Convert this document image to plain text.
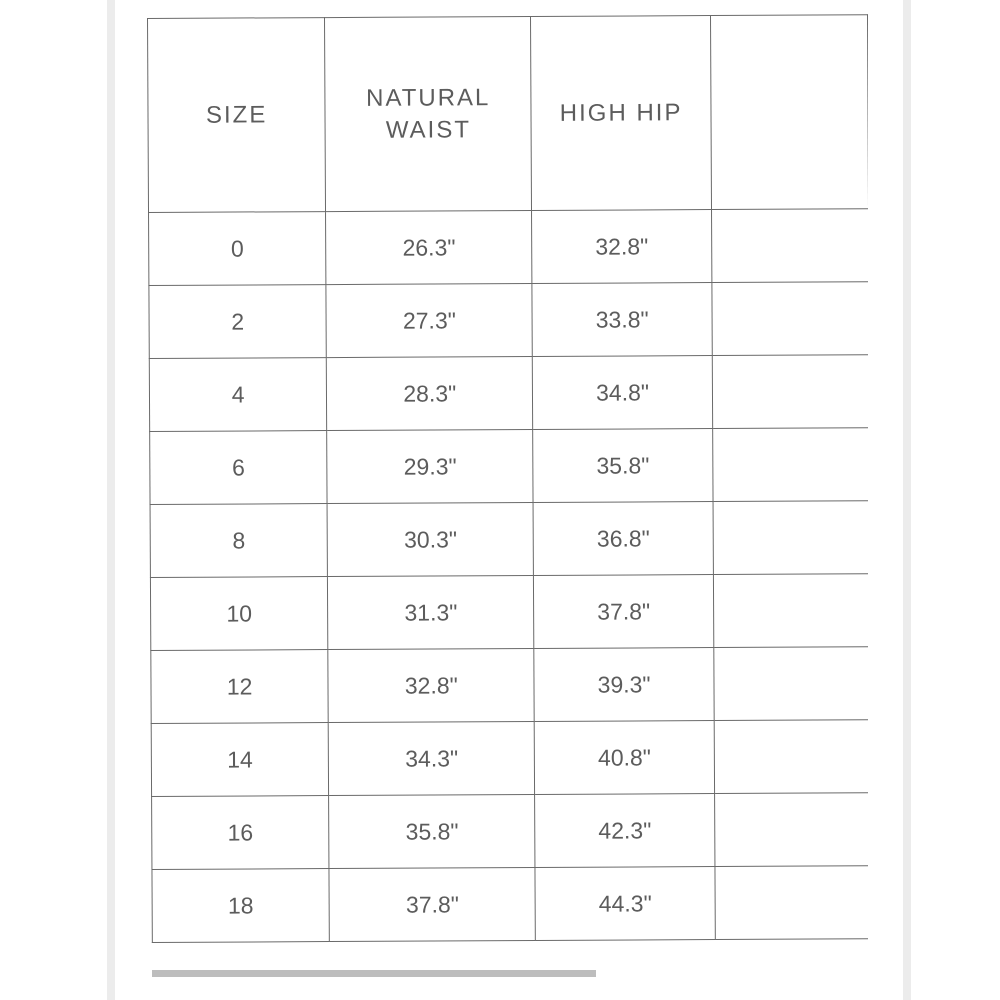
SIZE	NATURAL WAIST	HIGH HIP	
0	26.3"	32.8"	
2	27.3"	33.8"	
4	28.3"	34.8"	
6	29.3"	35.8"	
8	30.3"	36.8"	
10	31.3"	37.8"	
12	32.8"	39.3"	
14	34.3"	40.8"	
16	35.8"	42.3"	
18	37.8"	44.3"	
